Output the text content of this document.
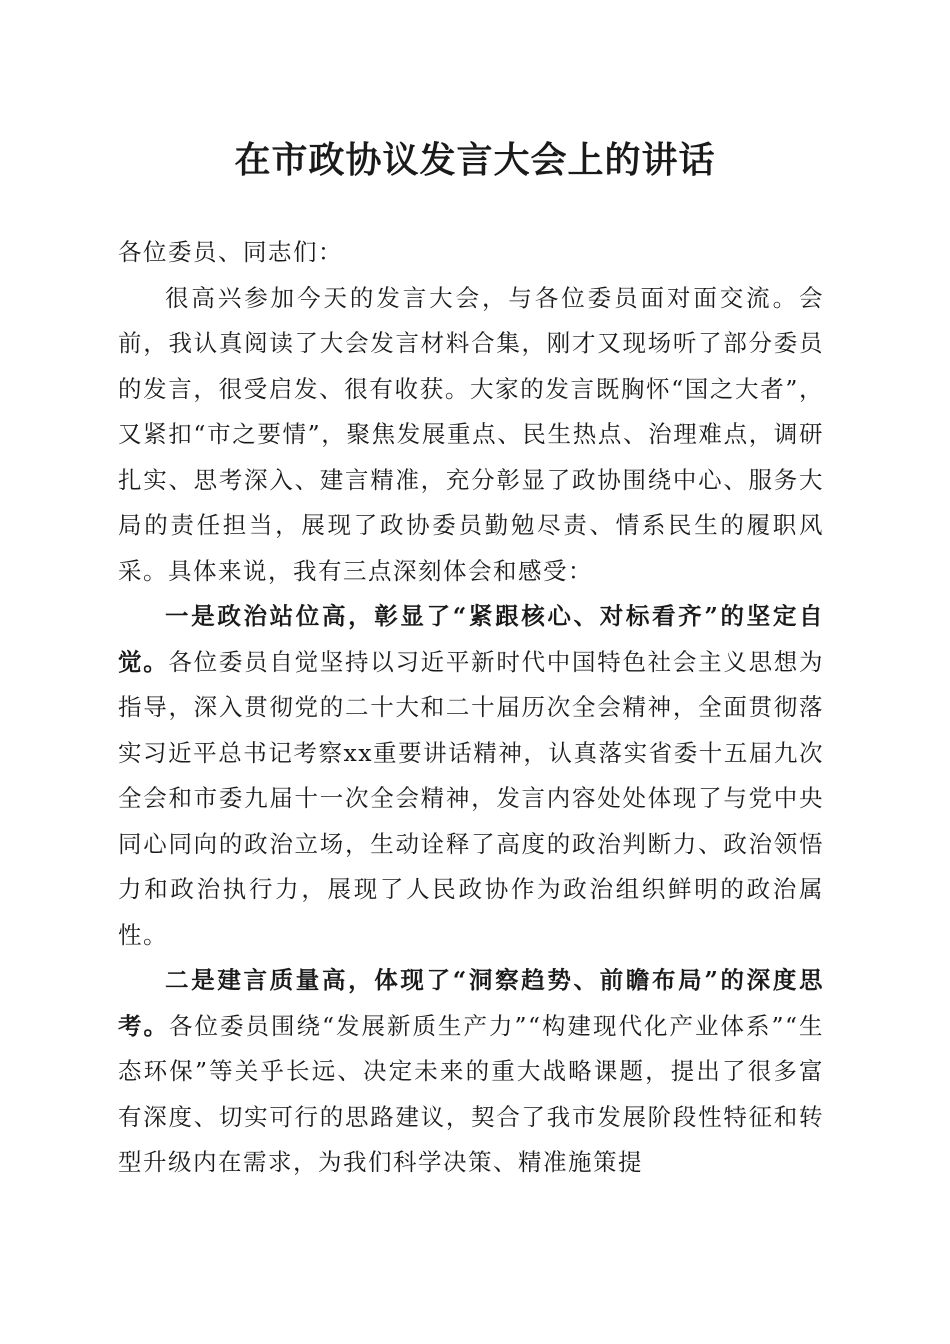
在市政协议发言大会上的讲话

各位委员、同志们：

很高兴参加今天的发言大会，与各位委员面对面交流。会前，我认真阅读了大会发言材料合集，刚才又现场听了部分委员的发言，很受启发、很有收获。大家的发言既胸怀“国之大者”，又紧扣“市之要情”，聚焦发展重点、民生热点、治理难点，调研扎实、思考深入、建言精准，充分彰显了政协围绕中心、服务大局的责任担当，展现了政协委员勤勉尽责、情系民生的履职风采。具体来说，我有三点深刻体会和感受：

一是政治站位高，彰显了“紧跟核心、对标看齐”的坚定自觉。各位委员自觉坚持以习近平新时代中国特色社会主义思想为指导，深入贯彻党的二十大和二十届历次全会精神，全面贯彻落实习近平总书记考察xx重要讲话精神，认真落实省委十五届九次全会和市委九届十一次全会精神，发言内容处处体现了与党中央同心同向的政治立场，生动诠释了高度的政治判断力、政治领悟力和政治执行力，展现了人民政协作为政治组织鲜明的政治属性。

二是建言质量高，体现了“洞察趋势、前瞻布局”的深度思考。各位委员围绕“发展新质生产力”“构建现代化产业体系”“生态环保”等关乎长远、决定未来的重大战略课题，提出了很多富有深度、切实可行的思路建议，契合了我市发展阶段性特征和转型升级内在需求，为我们科学决策、精准施策提
